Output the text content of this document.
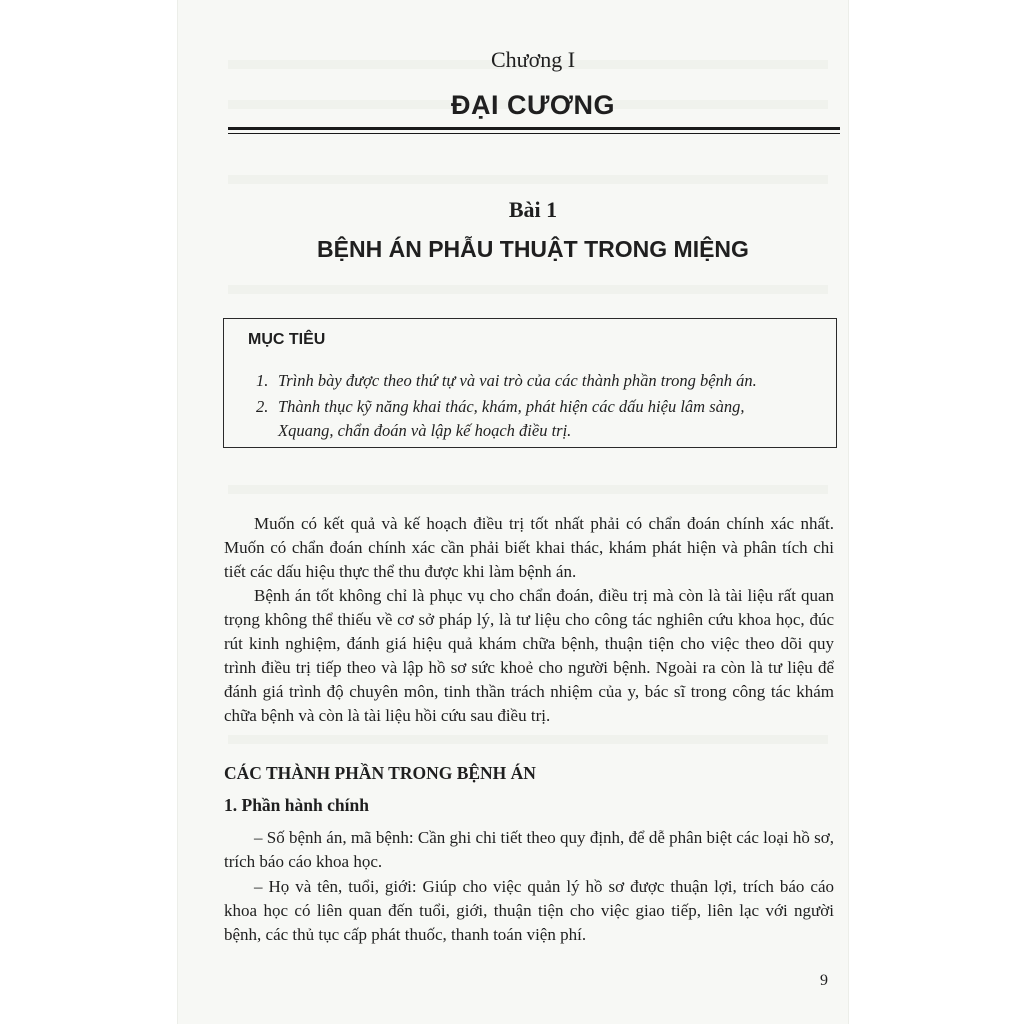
Chương I
ĐẠI CƯƠNG
Bài 1
BỆNH ÁN PHẪU THUẬT TRONG MIỆNG
MỤC TIÊU
1. Trình bày được theo thứ tự và vai trò của các thành phần trong bệnh án.
2. Thành thục kỹ năng khai thác, khám, phát hiện các dấu hiệu lâm sàng,
Xquang, chẩn đoán và lập kế hoạch điều trị.
Muốn có kết quả và kế hoạch điều trị tốt nhất phải có chẩn đoán chính xác nhất. Muốn có chẩn đoán chính xác cần phải biết khai thác, khám phát hiện và phân tích chi tiết các dấu hiệu thực thể thu được khi làm bệnh án.
Bệnh án tốt không chỉ là phục vụ cho chẩn đoán, điều trị mà còn là tài liệu rất quan trọng không thể thiếu về cơ sở pháp lý, là tư liệu cho công tác nghiên cứu khoa học, đúc rút kinh nghiệm, đánh giá hiệu quả khám chữa bệnh, thuận tiện cho việc theo dõi quy trình điều trị tiếp theo và lập hồ sơ sức khoẻ cho người bệnh. Ngoài ra còn là tư liệu để đánh giá trình độ chuyên môn, tinh thần trách nhiệm của y, bác sĩ trong công tác khám chữa bệnh và còn là tài liệu hồi cứu sau điều trị.
CÁC THÀNH PHẦN TRONG BỆNH ÁN
1. Phần hành chính
– Số bệnh án, mã bệnh: Cần ghi chi tiết theo quy định, để dễ phân biệt các loại hồ sơ, trích báo cáo khoa học.
– Họ và tên, tuổi, giới: Giúp cho việc quản lý hồ sơ được thuận lợi, trích báo cáo khoa học có liên quan đến tuổi, giới, thuận tiện cho việc giao tiếp, liên lạc với người bệnh, các thủ tục cấp phát thuốc, thanh toán viện phí.
9
